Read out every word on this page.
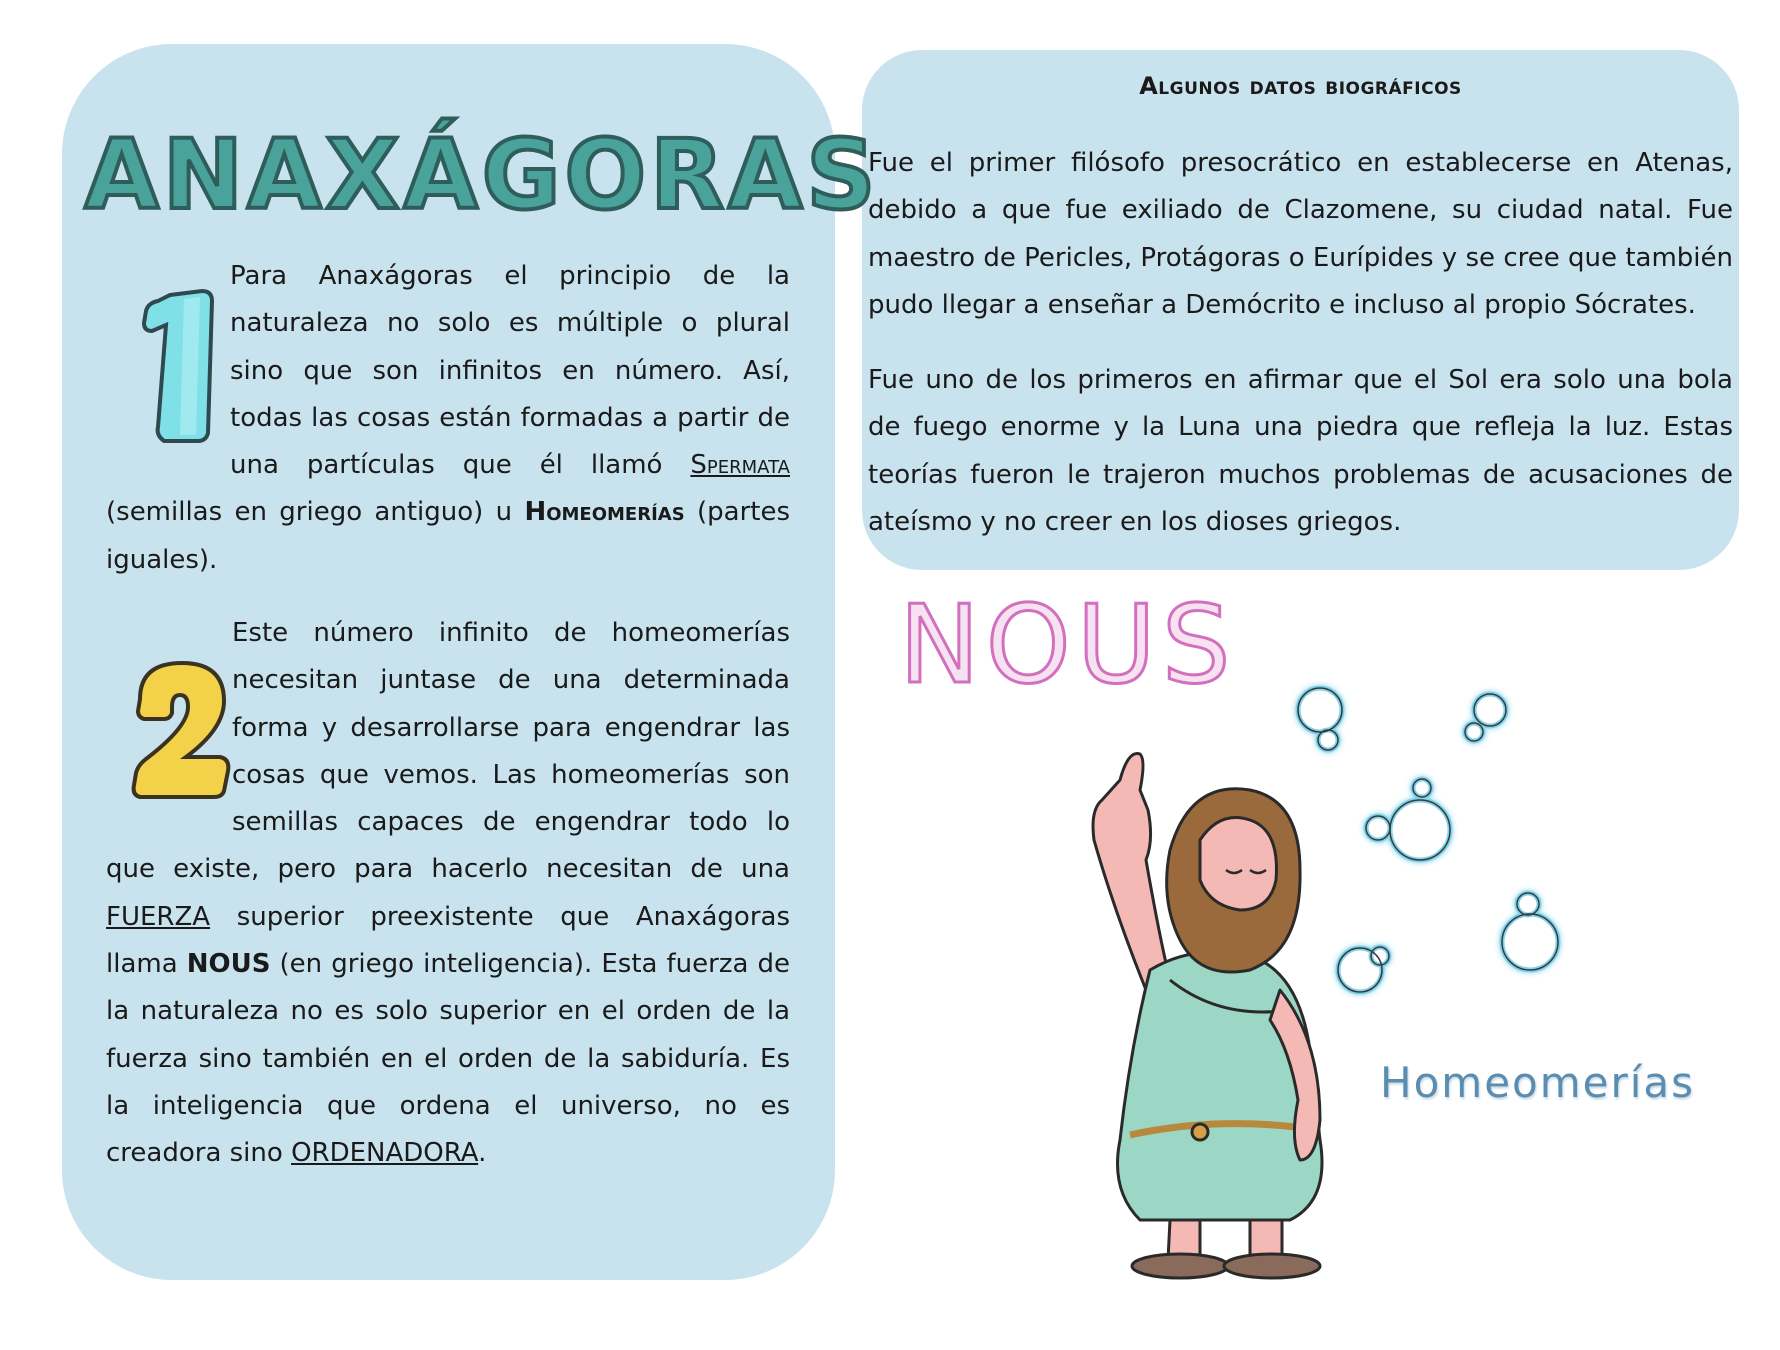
ANAXÁGORAS

Para Anaxágoras el principio de la naturaleza no solo es múltiple o plural sino que son infinitos en número. Así, todas las cosas están formadas a partir de una partículas que él llamó Spermata (semillas en griego antiguo) u Homeomerías (partes iguales).

Este número infinito de homeomerías necesitan juntase de una determinada forma y desarrollarse para engendrar las cosas que vemos. Las homeomerías son semillas capaces de engendrar todo lo que existe, pero para hacerlo necesitan de una FUERZA superior preexistente que Anaxágoras llama NOUS (en griego inteligencia). Esta fuerza de la naturaleza no es solo superior en el orden de la fuerza sino también en el orden de la sabiduría. Es la inteligencia que ordena el universo, no es creadora sino ORDENADORA.

Algunos datos biográficos

Fue el primer filósofo presocrático en establecerse en Atenas, debido a que fue exiliado de Clazomene, su ciudad natal. Fue maestro de Pericles, Protágoras o Eurípides y se cree que también pudo llegar a enseñar a Demócrito e incluso al propio Sócrates.

Fue uno de los primeros en afirmar que el Sol era solo una bola de fuego enorme y la Luna una piedra que refleja la luz. Estas teorías fueron le trajeron muchos problemas de acusaciones de ateísmo y no creer en los dioses griegos.

NOUS
Homeomerías
